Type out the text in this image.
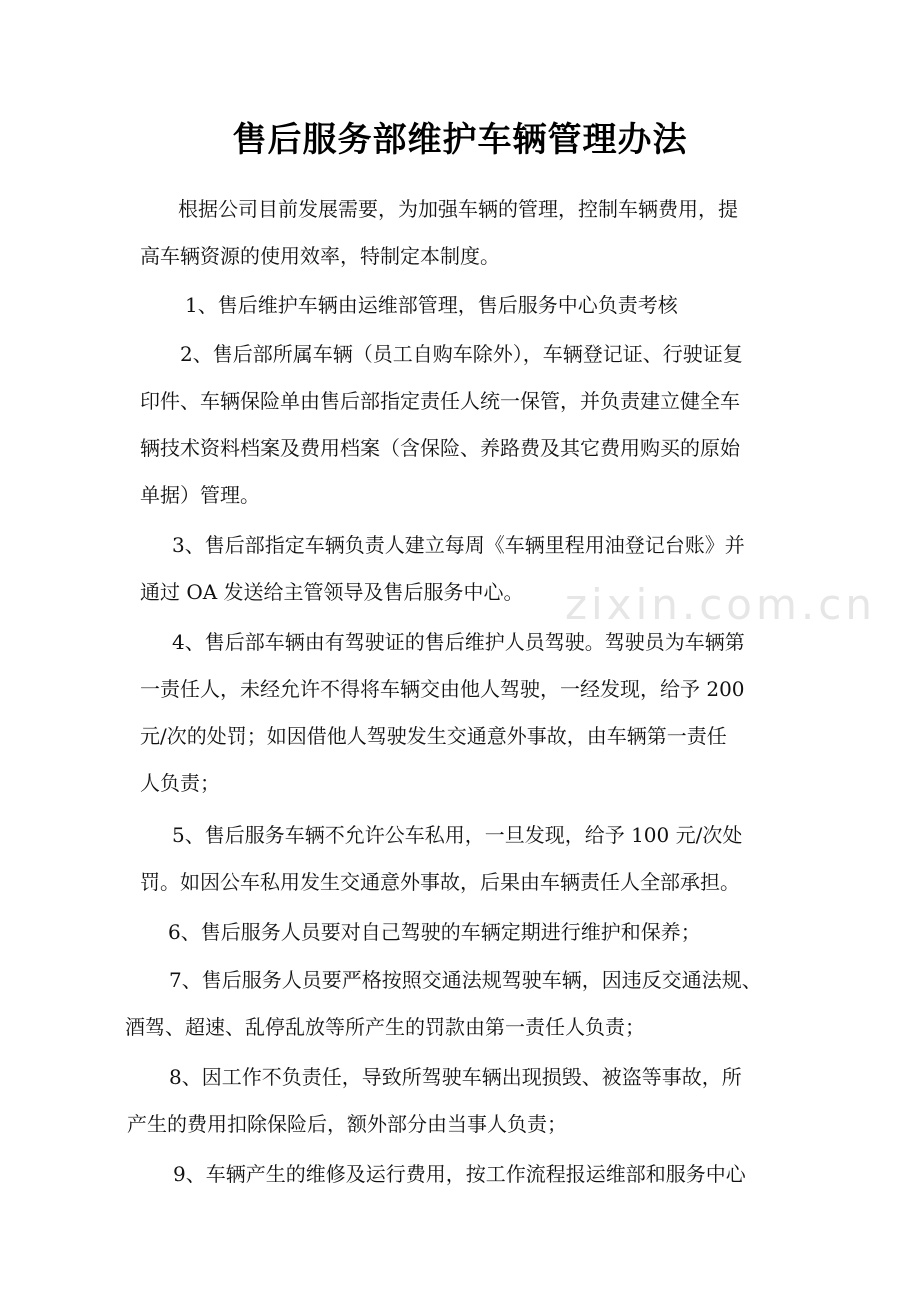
zixin.com.cn
售后服务部维护车辆管理办法
根据公司目前发展需要，为加强车辆的管理，控制车辆费用，提
高车辆资源的使用效率，特制定本制度。
1、售后维护车辆由运维部管理，售后服务中心负责考核
2、售后部所属车辆（员工自购车除外），车辆登记证、行驶证复
印件、车辆保险单由售后部指定责任人统一保管，并负责建立健全车
辆技术资料档案及费用档案（含保险、养路费及其它费用购买的原始
单据）管理。
3、售后部指定车辆负责人建立每周《车辆里程用油登记台账》并
通过 OA 发送给主管领导及售后服务中心。
4、售后部车辆由有驾驶证的售后维护人员驾驶。驾驶员为车辆第
一责任人，未经允许不得将车辆交由他人驾驶，一经发现，给予 200
元/次的处罚；如因借他人驾驶发生交通意外事故，由车辆第一责任
人负责；
5、售后服务车辆不允许公车私用，一旦发现，给予 100 元/次处
罚。如因公车私用发生交通意外事故，后果由车辆责任人全部承担。
6、售后服务人员要对自己驾驶的车辆定期进行维护和保养；
7、售后服务人员要严格按照交通法规驾驶车辆，因违反交通法规、
酒驾、超速、乱停乱放等所产生的罚款由第一责任人负责；
8、因工作不负责任，导致所驾驶车辆出现损毁、被盗等事故，所
产生的费用扣除保险后，额外部分由当事人负责；
9、车辆产生的维修及运行费用，按工作流程报运维部和服务中心
